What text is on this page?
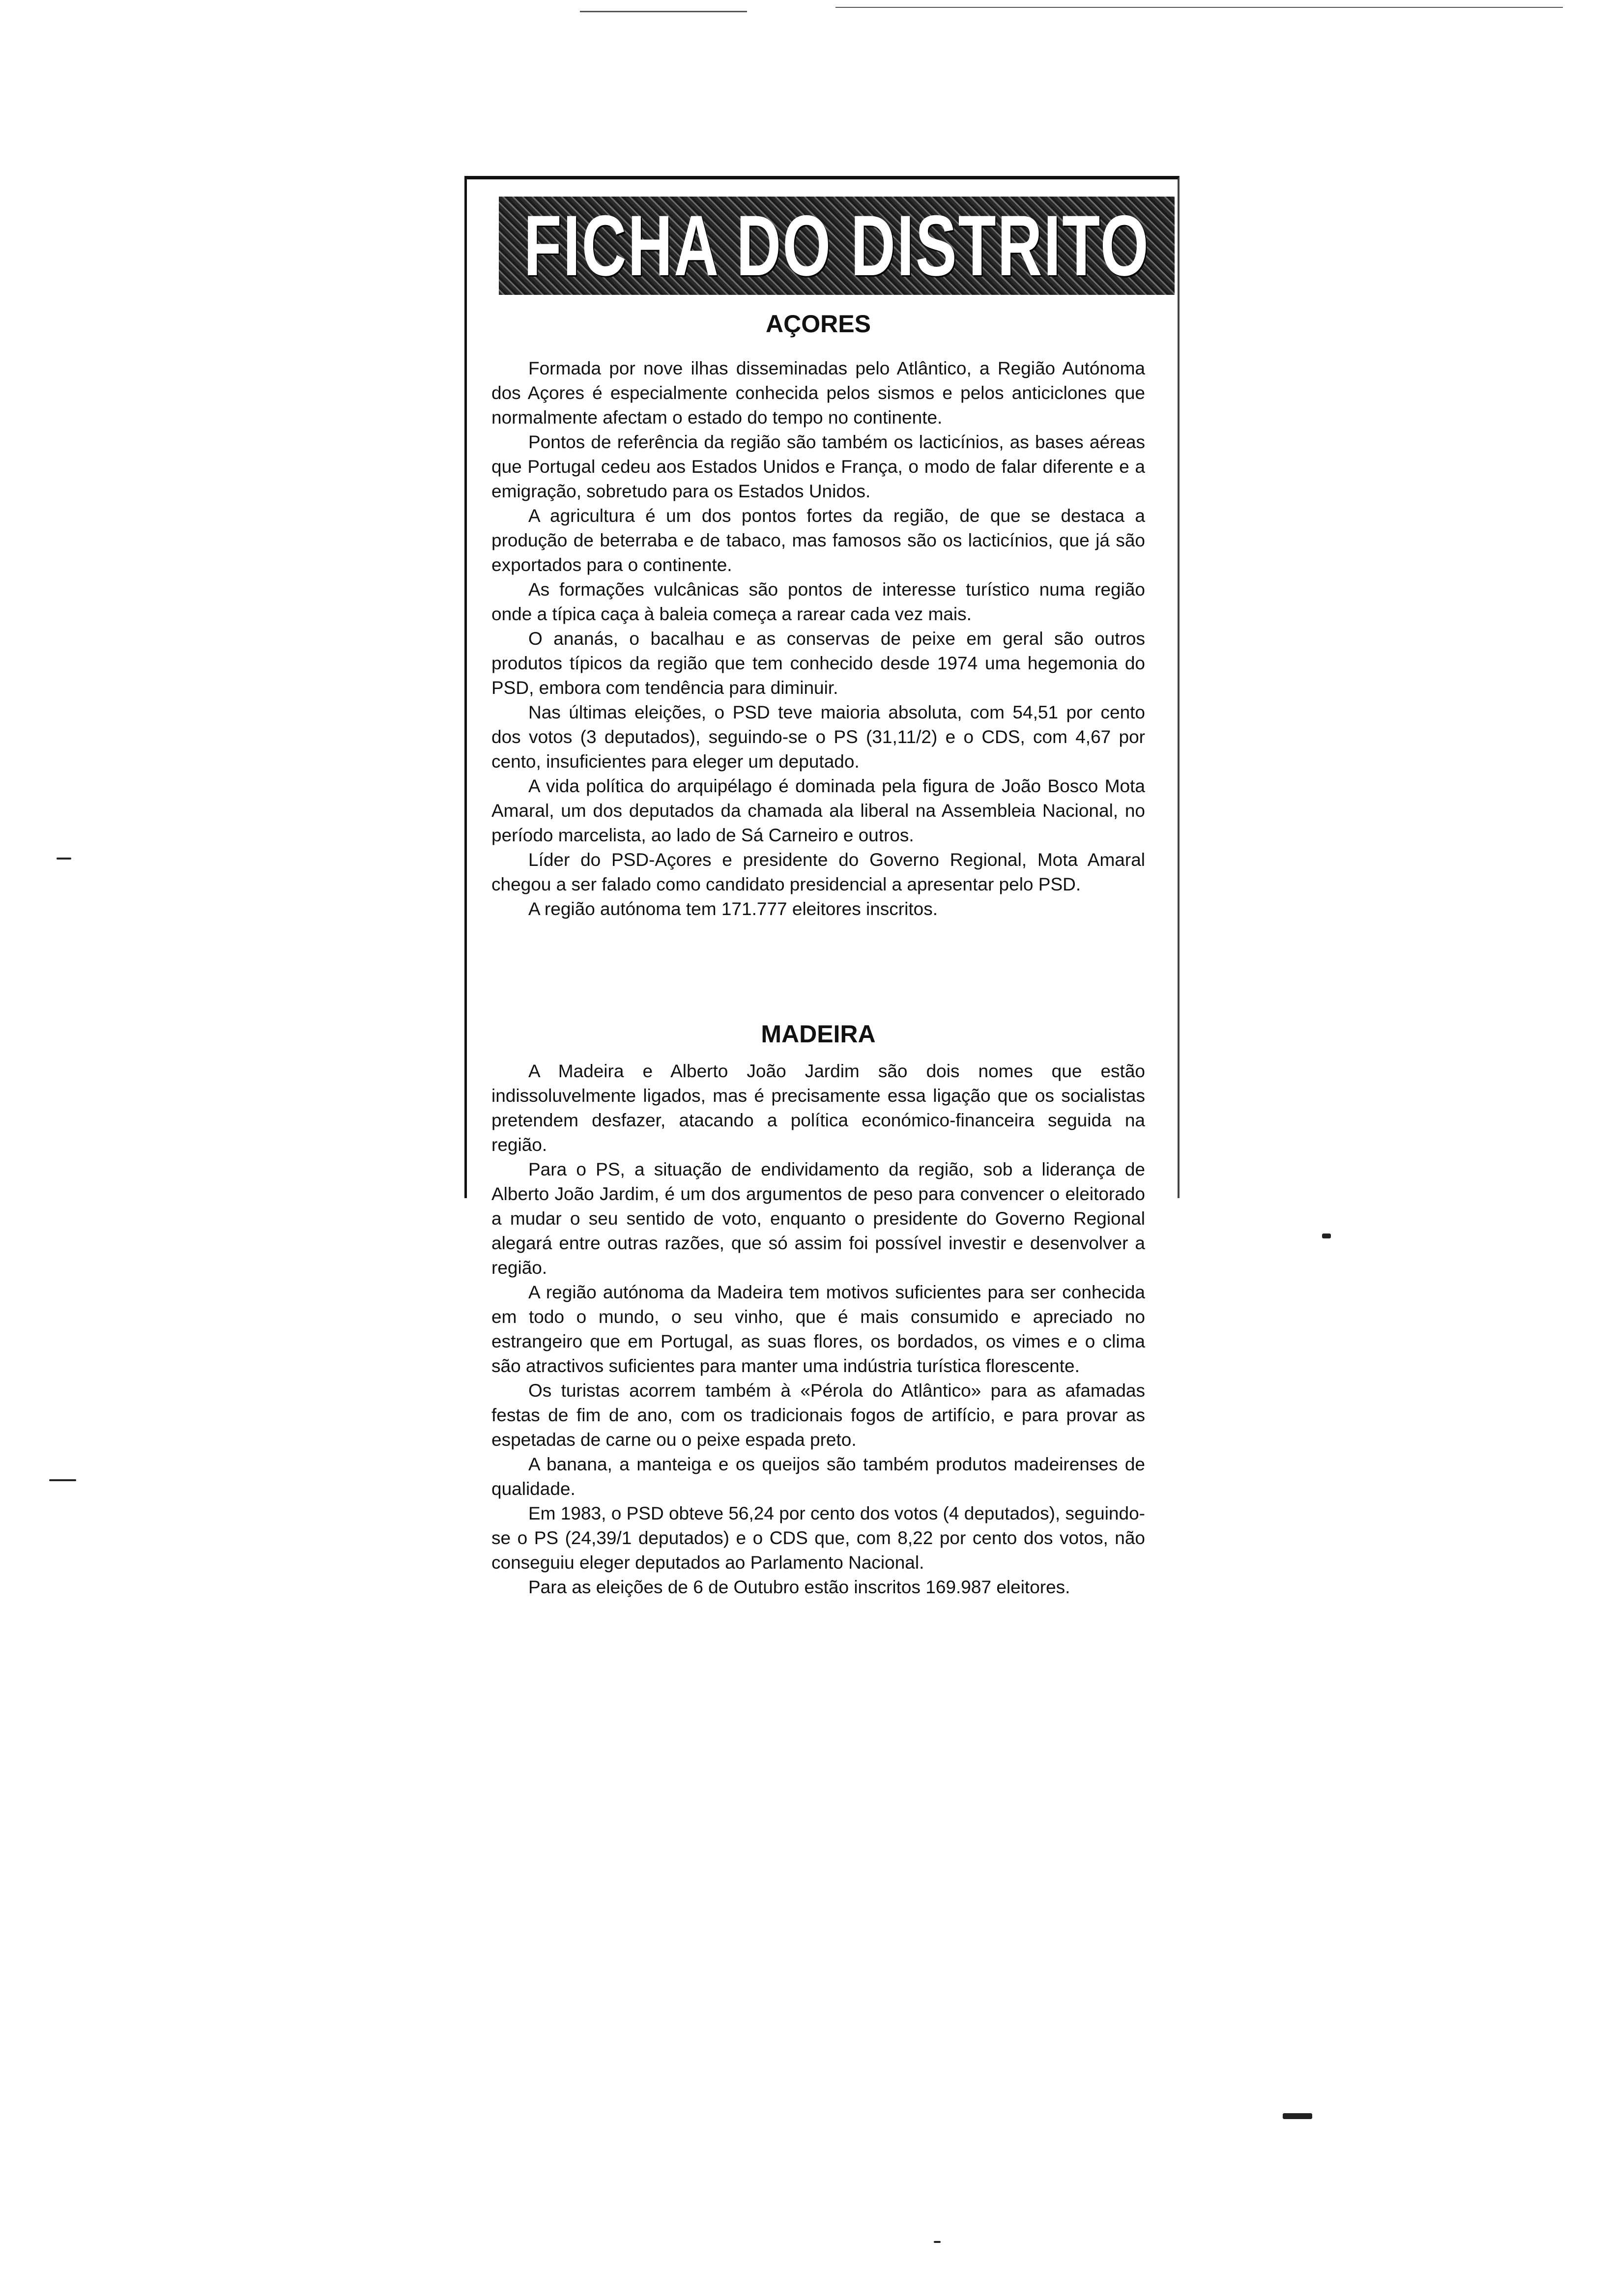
FICHA DO DISTRITO
AÇORES

Formada por nove ilhas disseminadas pelo Atlântico, a Região Autónoma dos Açores é especialmente conhecida pelos sismos e pelos anticiclones que normalmente afectam o estado do tempo no continente.

Pontos de referência da região são também os lacticínios, as bases aéreas que Portugal cedeu aos Estados Unidos e França, o modo de falar diferente e a emigração, sobretudo para os Estados Unidos.

A agricultura é um dos pontos fortes da região, de que se destaca a produção de beterraba e de tabaco, mas famosos são os lacticínios, que já são exportados para o continente.

As formações vulcânicas são pontos de interesse turístico numa região onde a típica caça à baleia começa a rarear cada vez mais.

O ananás, o bacalhau e as conservas de peixe em geral são outros produtos típicos da região que tem conhecido desde 1974 uma hegemonia do PSD, embora com tendência para diminuir.

Nas últimas eleições, o PSD teve maioria absoluta, com 54,51 por cento dos votos (3 deputados), seguindo-se o PS (31,11/2) e o CDS, com 4,67 por cento, insuficientes para eleger um deputado.

A vida política do arquipélago é dominada pela figura de João Bosco Mota Amaral, um dos deputados da chamada ala liberal na Assembleia Nacional, no período marcelista, ao lado de Sá Carneiro e outros.

Líder do PSD-Açores e presidente do Governo Regional, Mota Amaral chegou a ser falado como candidato presidencial a apresentar pelo PSD.

A região autónoma tem 171.777 eleitores inscritos.

MADEIRA

A Madeira e Alberto João Jardim são dois nomes que estão indissoluvelmente ligados, mas é precisamente essa ligação que os socialistas pretendem desfazer, atacando a política económico-financeira seguida na região.

Para o PS, a situação de endividamento da região, sob a liderança de Alberto João Jardim, é um dos argumentos de peso para convencer o eleitorado a mudar o seu sentido de voto, enquanto o presidente do Governo Regional alegará entre outras razões, que só assim foi possível investir e desenvolver a região.

A região autónoma da Madeira tem motivos suficientes para ser conhecida em todo o mundo, o seu vinho, que é mais consumido e apreciado no estrangeiro que em Portugal, as suas flores, os bordados, os vimes e o clima são atractivos suficientes para manter uma indústria turística florescente.

Os turistas acorrem também à «Pérola do Atlântico» para as afamadas festas de fim de ano, com os tradicionais fogos de artifício, e para provar as espetadas de carne ou o peixe espada preto.

A banana, a manteiga e os queijos são também produtos madeirenses de qualidade.

Em 1983, o PSD obteve 56,24 por cento dos votos (4 deputados), seguindo-se o PS (24,39/1 deputados) e o CDS que, com 8,22 por cento dos votos, não conseguiu eleger deputados ao Parlamento Nacional.

Para as eleições de 6 de Outubro estão inscritos 169.987 eleitores.
